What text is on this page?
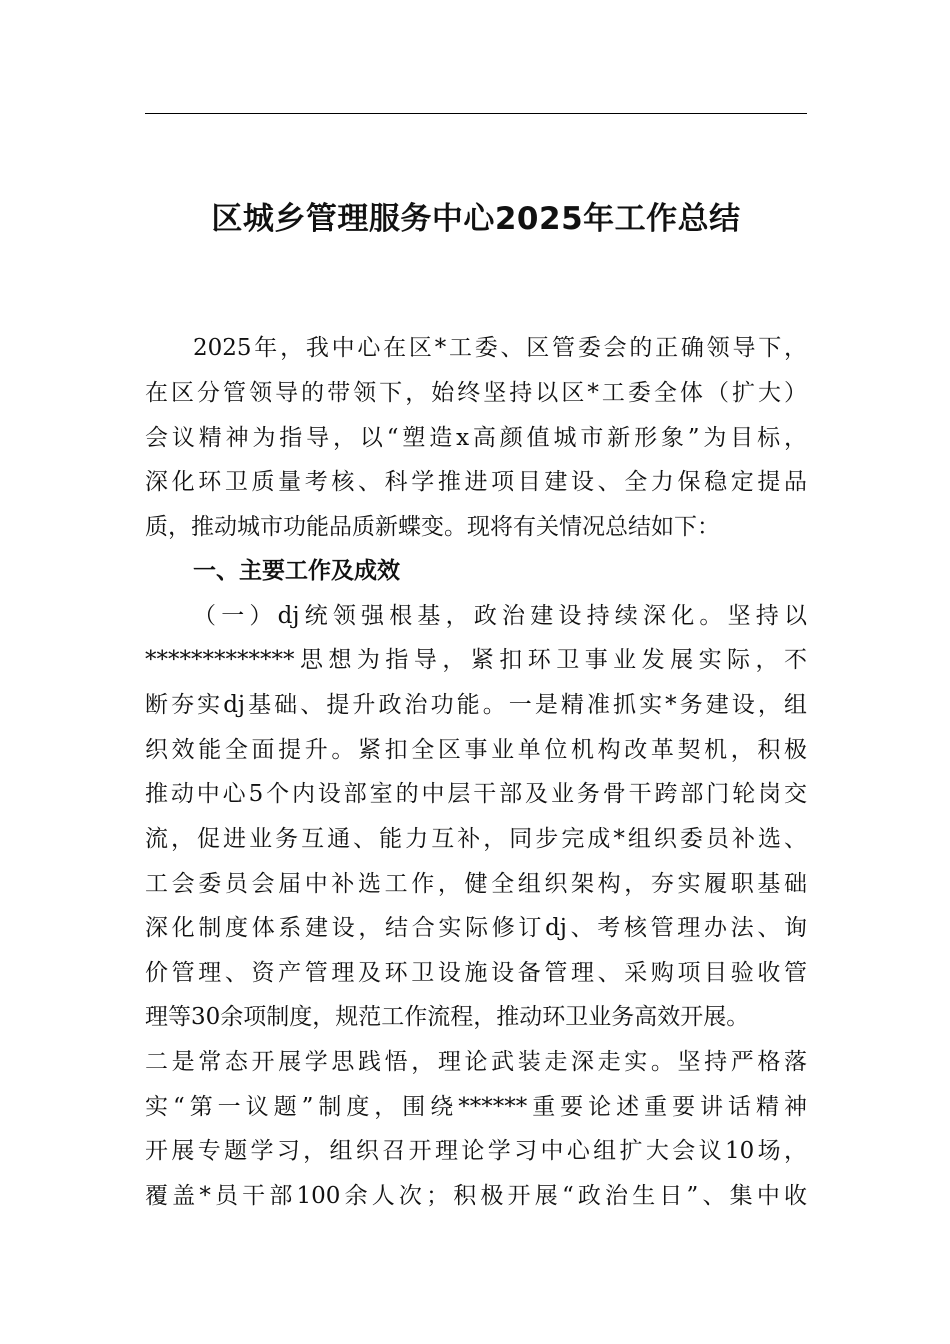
区城乡管理服务中心2025年工作总结
2025年，我中心在区*工委、区管委会的正确领导下，
在区分管领导的带领下，始终坚持以区*工委全体（扩大）
会议精神为指导，以“塑造x高颜值城市新形象”为目标，
深化环卫质量考核、科学推进项目建设、全力保稳定提品
质，推动城市功能品质新蝶变。现将有关情况总结如下：
一、主要工作及成效
（一）dj统领强根基，政治建设持续深化。坚持以
*************思想为指导，紧扣环卫事业发展实际，不
断夯实dj基础、提升政治功能。一是精准抓实*务建设，组
织效能全面提升。紧扣全区事业单位机构改革契机，积极
推动中心5个内设部室的中层干部及业务骨干跨部门轮岗交
流，促进业务互通、能力互补，同步完成*组织委员补选、
工会委员会届中补选工作，健全组织架构，夯实履职基础
深化制度体系建设，结合实际修订dj、考核管理办法、询
价管理、资产管理及环卫设施设备管理、采购项目验收管
理等30余项制度，规范工作流程，推动环卫业务高效开展。
二是常态开展学思践悟，理论武装走深走实。坚持严格落
实“第一议题”制度，围绕******重要论述重要讲话精神
开展专题学习，组织召开理论学习中心组扩大会议10场，
覆盖*员干部100余人次；积极开展“政治生日”、集中收
